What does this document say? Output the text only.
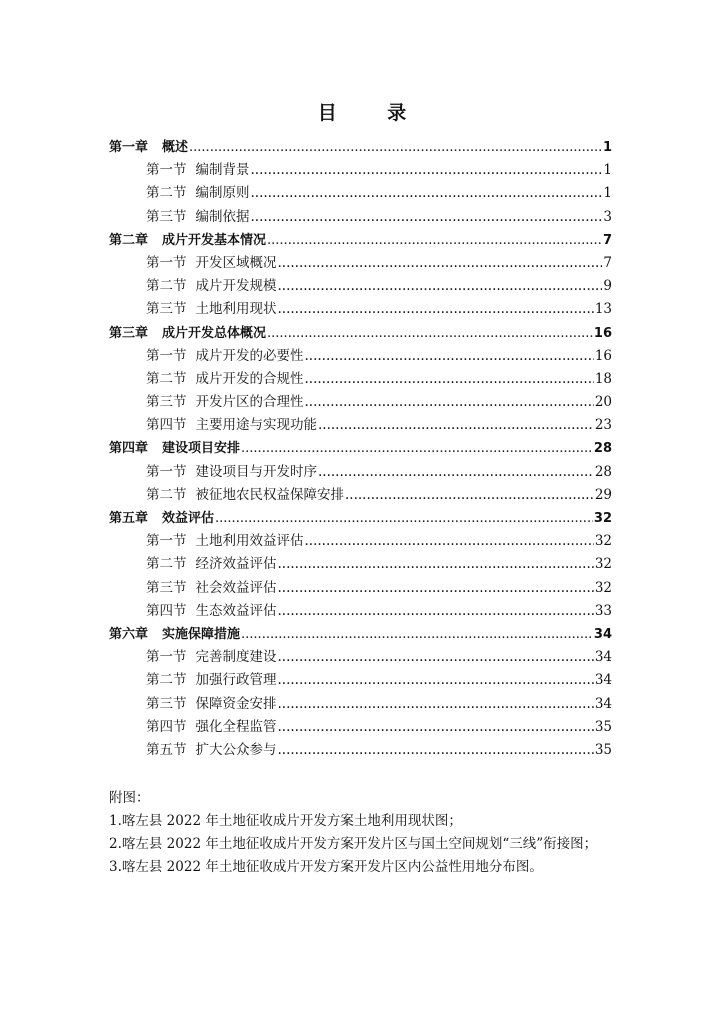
目 录
第一章 概述 .....	1
第一节 编制背景 .....	1
第二节 编制原则 .....	1
第三节 编制依据 .....	3
第二章 成片开发基本情况 .....	7
第一节 开发区域概况 .....	7
第二节 成片开发规模 .....	9
第三节 土地利用现状 .....	13
第三章 成片开发总体概况 .....	16
第一节 成片开发的必要性 .....	16
第二节 成片开发的合规性 .....	18
第三节 开发片区的合理性 .....	20
第四节 主要用途与实现功能 .....	23
第四章 建设项目安排 .....	28
第一节 建设项目与开发时序 .....	28
第二节 被征地农民权益保障安排 .....	29
第五章 效益评估 .....	32
第一节 土地利用效益评估 .....	32
第二节 经济效益评估 .....	32
第三节 社会效益评估 .....	32
第四节 生态效益评估 .....	33
第六章 实施保障措施 .....	34
第一节 完善制度建设 .....	34
第二节 加强行政管理 .....	34
第三节 保障资金安排 .....	34
第四节 强化全程监管 .....	35
第五节 扩大公众参与 .....	35
附图：
1.喀左县 2022 年土地征收成片开发方案土地利用现状图；
2.喀左县 2022 年土地征收成片开发方案开发片区与国土空间规划“三线”衔接图；
3.喀左县 2022 年土地征收成片开发方案开发片区内公益性用地分布图。
